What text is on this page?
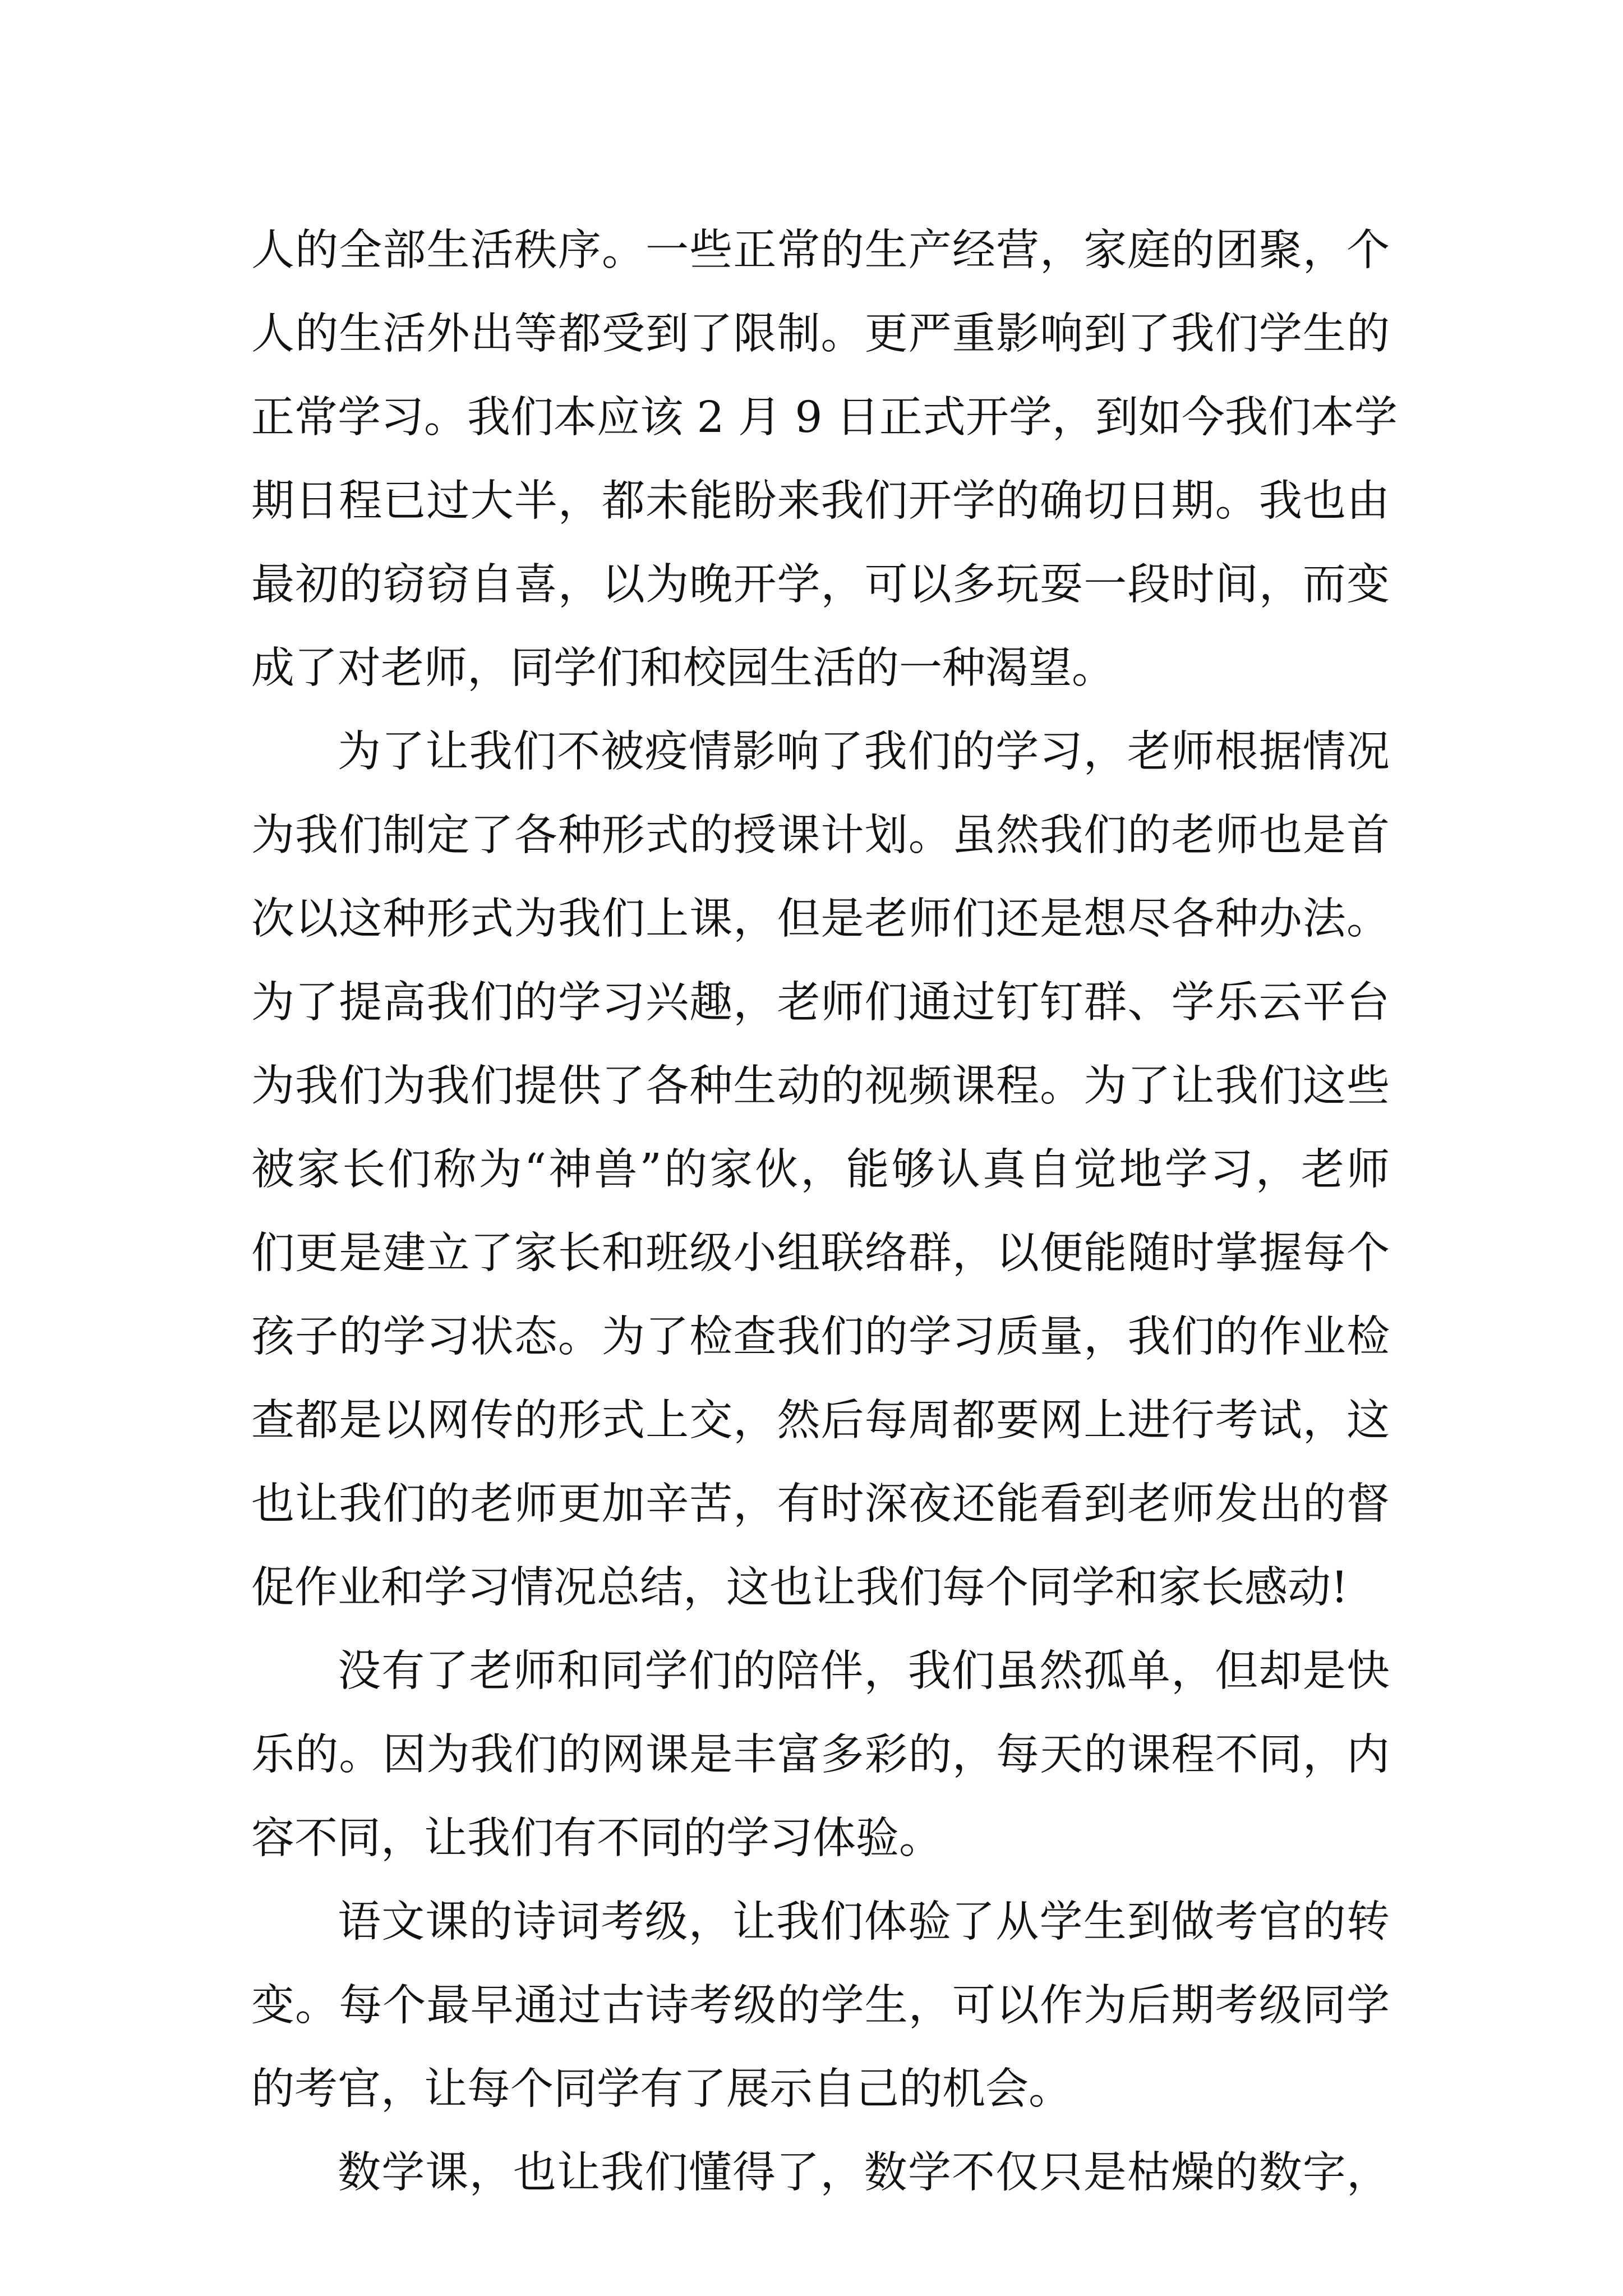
人的全部生活秩序。一些正常的生产经营，家庭的团聚，个
人的生活外出等都受到了限制。更严重影响到了我们学生的
正常学习。我们本应该 2 月 9 日正式开学，到如今我们本学
期日程已过大半，都未能盼来我们开学的确切日期。我也由
最初的窃窃自喜，以为晚开学，可以多玩耍一段时间，而变
成了对老师，同学们和校园生活的一种渴望。
为了让我们不被疫情影响了我们的学习，老师根据情况
为我们制定了各种形式的授课计划。虽然我们的老师也是首
次以这种形式为我们上课，但是老师们还是想尽各种办法。
为了提高我们的学习兴趣，老师们通过钉钉群、学乐云平台
为我们为我们提供了各种生动的视频课程。为了让我们这些
被家长们称为“神兽”的家伙，能够认真自觉地学习，老师
们更是建立了家长和班级小组联络群，以便能随时掌握每个
孩子的学习状态。为了检查我们的学习质量，我们的作业检
查都是以网传的形式上交，然后每周都要网上进行考试，这
也让我们的老师更加辛苦，有时深夜还能看到老师发出的督
促作业和学习情况总结，这也让我们每个同学和家长感动!
没有了老师和同学们的陪伴，我们虽然孤单，但却是快
乐的。因为我们的网课是丰富多彩的，每天的课程不同，内
容不同，让我们有不同的学习体验。
语文课的诗词考级，让我们体验了从学生到做考官的转
变。每个最早通过古诗考级的学生，可以作为后期考级同学
的考官，让每个同学有了展示自己的机会。
数学课，也让我们懂得了，数学不仅只是枯燥的数字，
